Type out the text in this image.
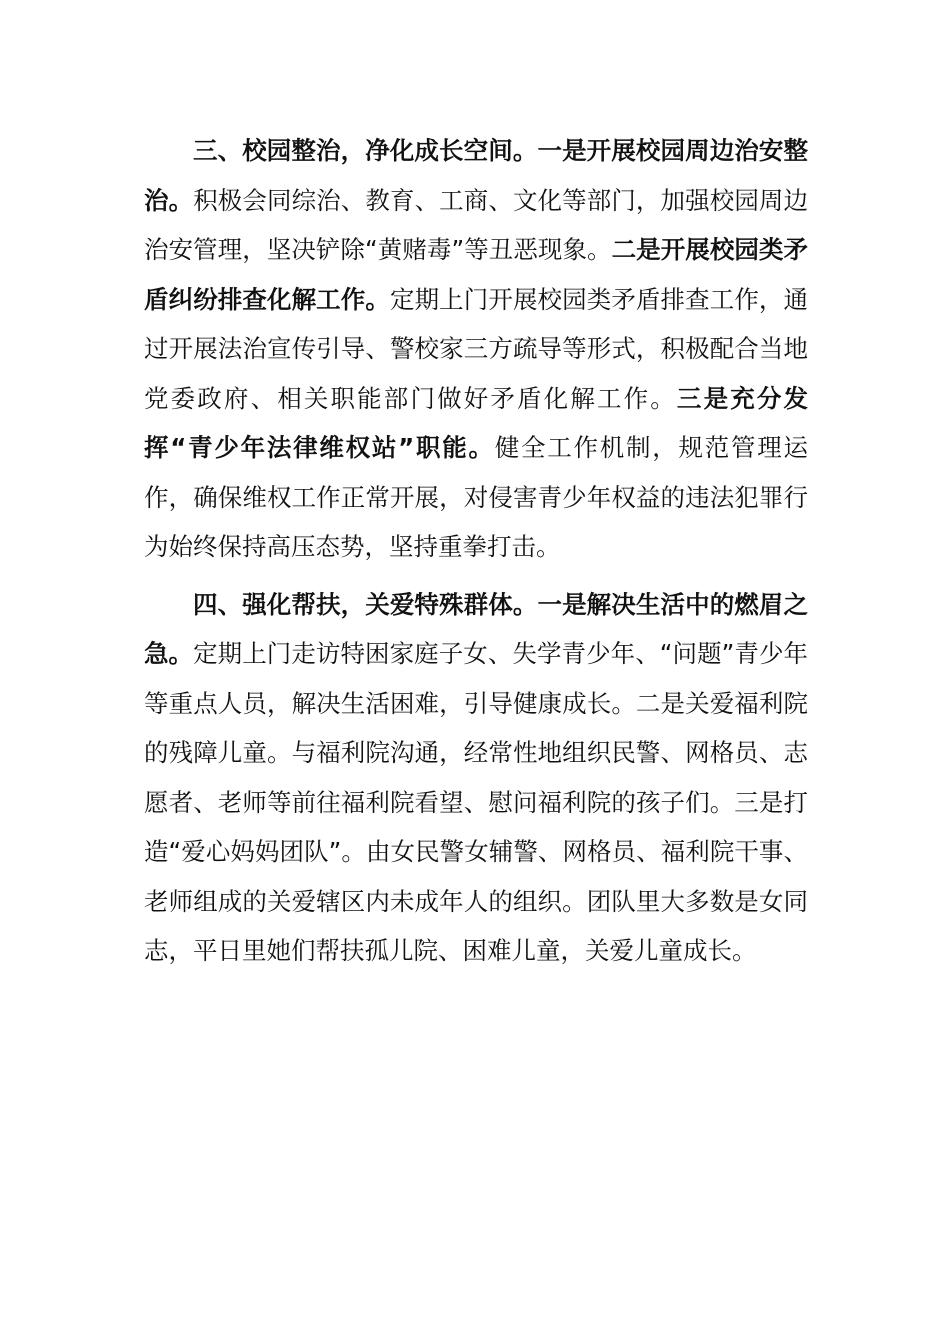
三、校园整治，净化成长空间。一是开展校园周边治安整治。积极会同综治、教育、工商、文化等部门，加强校园周边治安管理，坚决铲除“黄赌毒”等丑恶现象。二是开展校园类矛盾纠纷排查化解工作。定期上门开展校园类矛盾排查工作，通过开展法治宣传引导、警校家三方疏导等形式，积极配合当地党委政府、相关职能部门做好矛盾化解工作。三是充分发挥“青少年法律维权站”职能。健全工作机制，规范管理运作，确保维权工作正常开展，对侵害青少年权益的违法犯罪行为始终保持高压态势，坚持重拳打击。

四、强化帮扶，关爱特殊群体。一是解决生活中的燃眉之急。定期上门走访特困家庭子女、失学青少年、“问题”青少年等重点人员，解决生活困难，引导健康成长。二是关爱福利院的残障儿童。与福利院沟通，经常性地组织民警、网格员、志愿者、老师等前往福利院看望、慰问福利院的孩子们。三是打造“爱心妈妈团队”。由女民警女辅警、网格员、福利院干事、老师组成的关爱辖区内未成年人的组织。团队里大多数是女同志，平日里她们帮扶孤儿院、困难儿童，关爱儿童成长。
